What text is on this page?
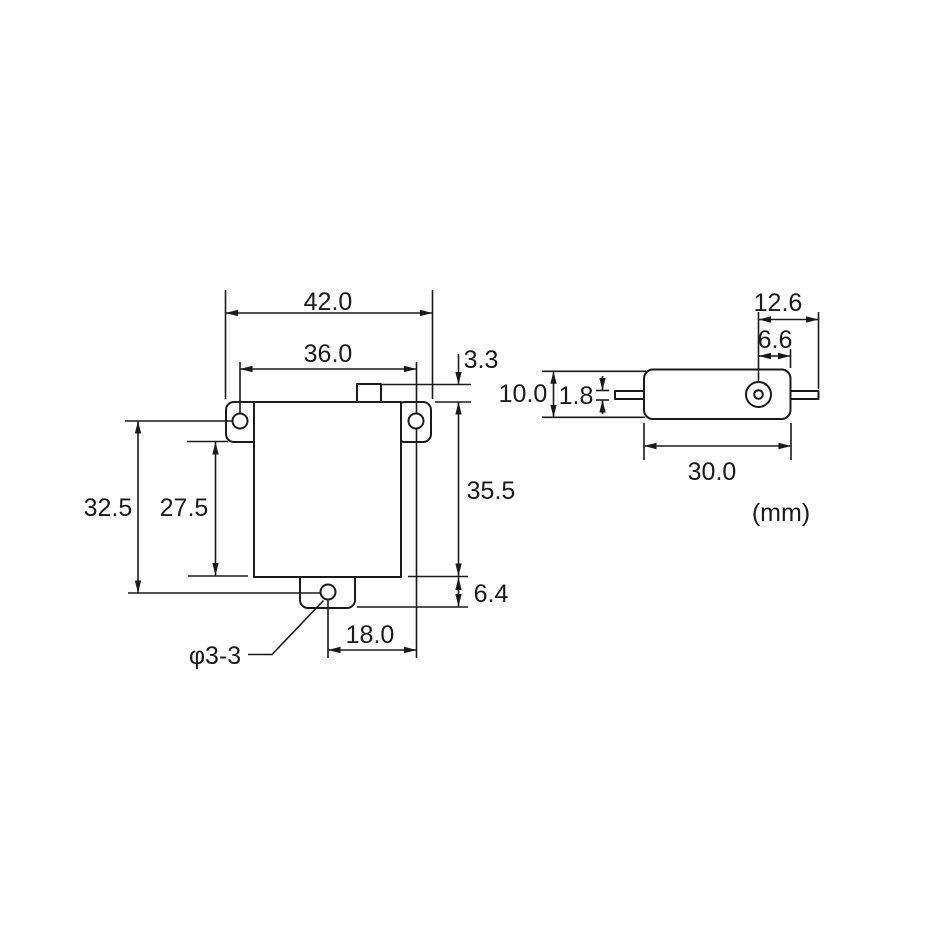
42.0
36.0	3.3
35.5
6.4
32.5 27.5
18.0
φ3-3
12.6
6.6
10.0 1.8
30.0
(mm)
